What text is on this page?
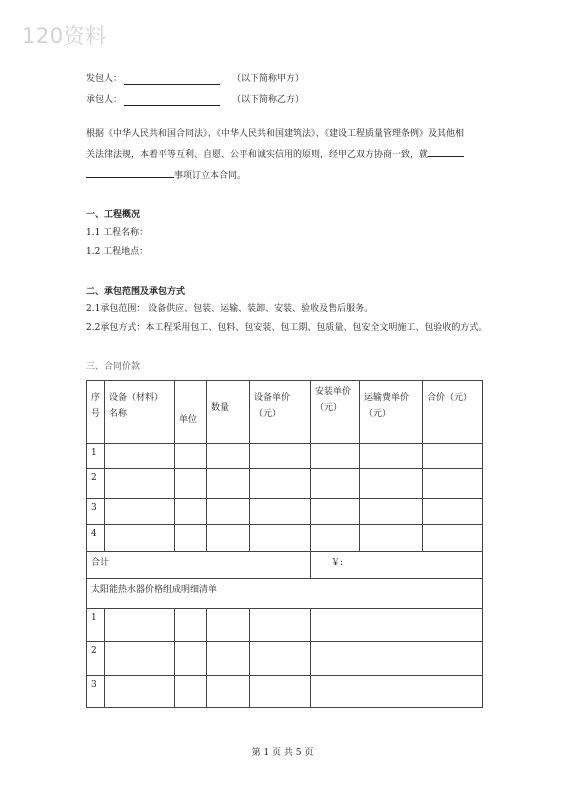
120资料
发包人：	（以下简称甲方）
承包人：	（以下简称乙方）
根据《中华人民共和国合同法》、《中华人民共和国建筑法》、《建设工程质量管理条例》及其他相
关法律法规，本着平等互利、自愿、公平和诚实信用的原则，经甲乙双方协商一致，就
事项订立本合同。
一、工程概况
1.1 工程名称：
1.2 工程地点：
二、承包范围及承包方式
2.1承包范围： 设备供应、包装、运输、装卸、安装、验收及售后服务。
2.2承包方式：本工程采用包工、包料、包安装、包工期、包质量、包安全文明施工、包验收的方式。
三、合同价款
序号	设备（材料）名称	单位	数量	设备单价（元）	安装单价（元）	运输费单价（元）	合价（元）
1							
2							
3							
4							
合计					￥:		
太阳能热水器价格组成明细清单							
1							
2							
3							
第 1 页 共 5 页
